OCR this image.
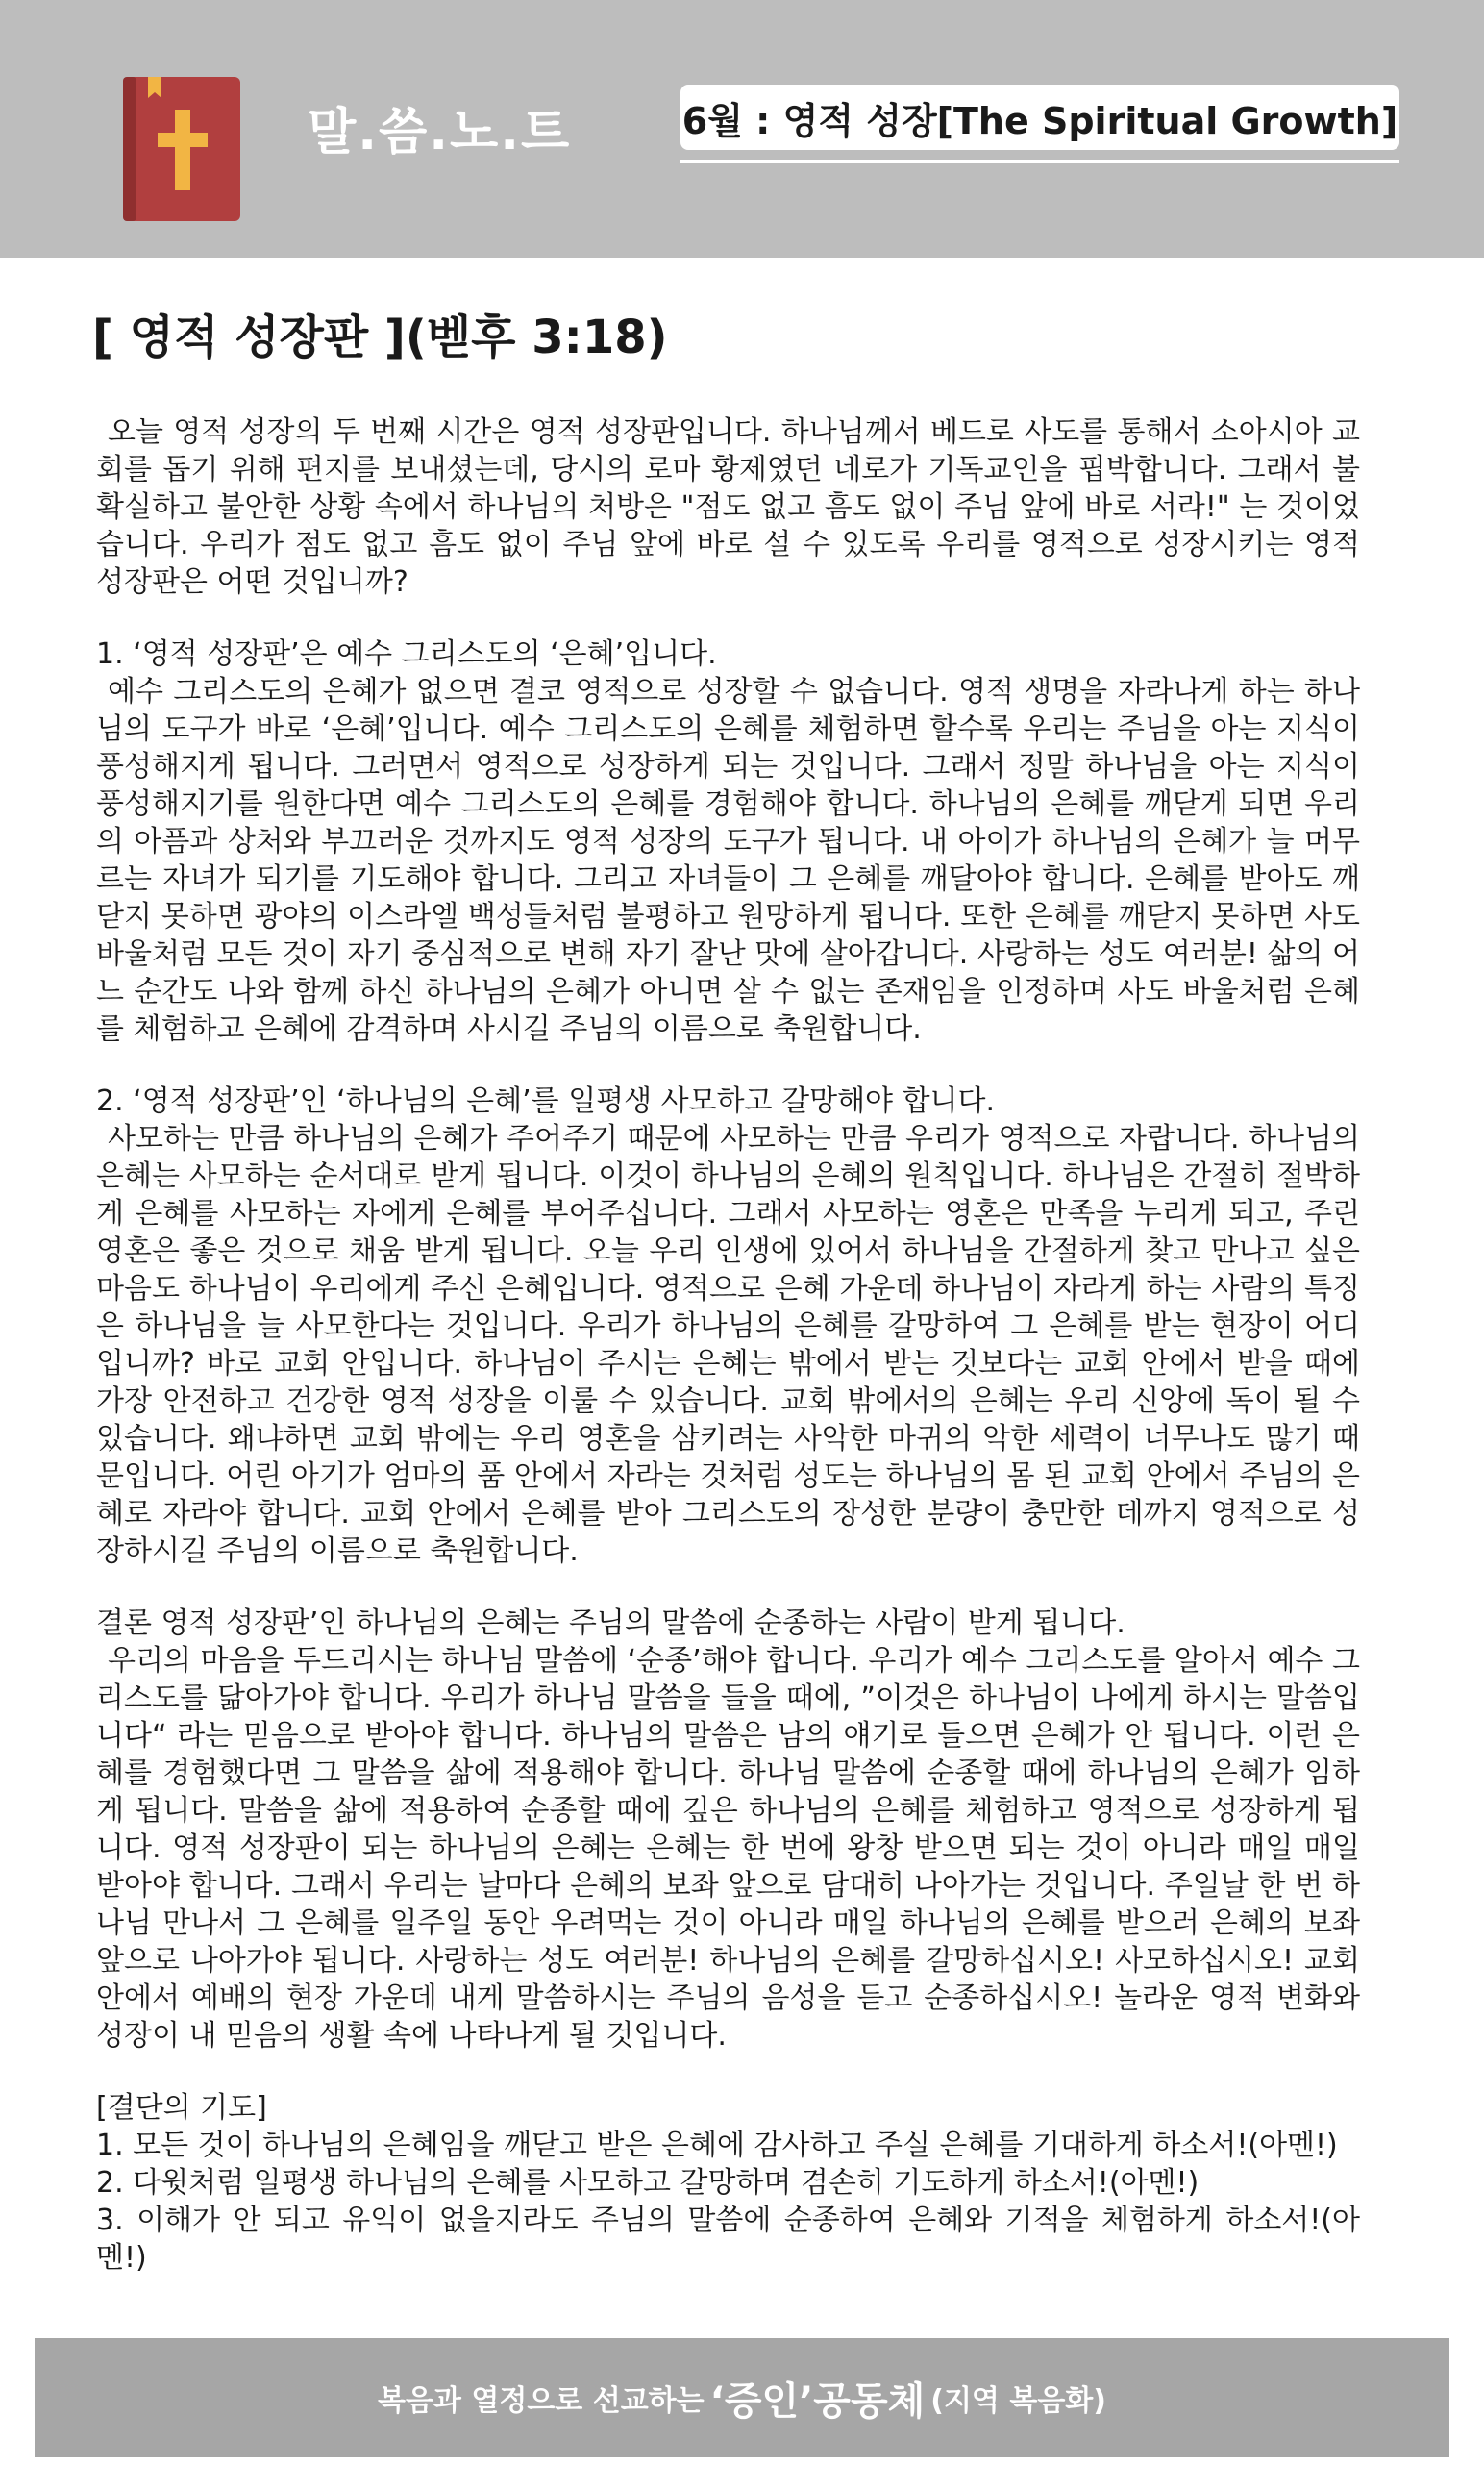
말.씀.노.트	6월 : 영적 성장[The Spiritual Growth]
[ 영적 성장판 ](벧후 3:18)

오늘 영적 성장의 두 번째 시간은 영적 성장판입니다. 하나님께서 베드로 사도를 통해서 소아시아 교회를 돕기 위해 편지를 보내셨는데, 당시의 로마 황제였던 네로가 기독교인을 핍박합니다. 그래서 불확실하고 불안한 상황 속에서 하나님의 처방은 "점도 없고 흠도 없이 주님 앞에 바로 서라!" 는 것이었습니다. 우리가 점도 없고 흠도 없이 주님 앞에 바로 설 수 있도록 우리를 영적으로 성장시키는 영적 성장판은 어떤 것입니까?

1. ‘영적 성장판’은 예수 그리스도의 ‘은혜’입니다.

예수 그리스도의 은혜가 없으면 결코 영적으로 성장할 수 없습니다. 영적 생명을 자라나게 하는 하나님의 도구가 바로 ‘은혜’입니다. 예수 그리스도의 은혜를 체험하면 할수록 우리는 주님을 아는 지식이 풍성해지게 됩니다. 그러면서 영적으로 성장하게 되는 것입니다. 그래서 정말 하나님을 아는 지식이 풍성해지기를 원한다면 예수 그리스도의 은혜를 경험해야 합니다. 하나님의 은혜를 깨닫게 되면 우리의 아픔과 상처와 부끄러운 것까지도 영적 성장의 도구가 됩니다. 내 아이가 하나님의 은혜가 늘 머무르는 자녀가 되기를 기도해야 합니다. 그리고 자녀들이 그 은혜를 깨달아야 합니다. 은혜를 받아도 깨닫지 못하면 광야의 이스라엘 백성들처럼 불평하고 원망하게 됩니다. 또한 은혜를 깨닫지 못하면 사도 바울처럼 모든 것이 자기 중심적으로 변해 자기 잘난 맛에 살아갑니다. 사랑하는 성도 여러분! 삶의 어느 순간도 나와 함께 하신 하나님의 은혜가 아니면 살 수 없는 존재임을 인정하며 사도 바울처럼 은혜를 체험하고 은혜에 감격하며 사시길 주님의 이름으로 축원합니다.

2. ‘영적 성장판’인 ‘하나님의 은혜’를 일평생 사모하고 갈망해야 합니다.

사모하는 만큼 하나님의 은혜가 주어주기 때문에 사모하는 만큼 우리가 영적으로 자랍니다. 하나님의 은혜는 사모하는 순서대로 받게 됩니다. 이것이 하나님의 은혜의 원칙입니다. 하나님은 간절히 절박하게 은혜를 사모하는 자에게 은혜를 부어주십니다. 그래서 사모하는 영혼은 만족을 누리게 되고, 주린 영혼은 좋은 것으로 채움 받게 됩니다. 오늘 우리 인생에 있어서 하나님을 간절하게 찾고 만나고 싶은 마음도 하나님이 우리에게 주신 은혜입니다. 영적으로 은혜 가운데 하나님이 자라게 하는 사람의 특징은 하나님을 늘 사모한다는 것입니다. 우리가 하나님의 은혜를 갈망하여 그 은혜를 받는 현장이 어디입니까? 바로 교회 안입니다. 하나님이 주시는 은혜는 밖에서 받는 것보다는 교회 안에서 받을 때에 가장 안전하고 건강한 영적 성장을 이룰 수 있습니다. 교회 밖에서의 은혜는 우리 신앙에 독이 될 수 있습니다. 왜냐하면 교회 밖에는 우리 영혼을 삼키려는 사악한 마귀의 악한 세력이 너무나도 많기 때문입니다. 어린 아기가 엄마의 품 안에서 자라는 것처럼 성도는 하나님의 몸 된 교회 안에서 주님의 은혜로 자라야 합니다. 교회 안에서 은혜를 받아 그리스도의 장성한 분량이 충만한 데까지 영적으로 성장하시길 주님의 이름으로 축원합니다.

결론 영적 성장판’인 하나님의 은혜는 주님의 말씀에 순종하는 사람이 받게 됩니다.

우리의 마음을 두드리시는 하나님 말씀에 ‘순종’해야 합니다. 우리가 예수 그리스도를 알아서 예수 그리스도를 닮아가야 합니다. 우리가 하나님 말씀을 들을 때에, ”이것은 하나님이 나에게 하시는 말씀입니다“ 라는 믿음으로 받아야 합니다. 하나님의 말씀은 남의 얘기로 들으면 은혜가 안 됩니다. 이런 은혜를 경험했다면 그 말씀을 삶에 적용해야 합니다. 하나님 말씀에 순종할 때에 하나님의 은혜가 임하게 됩니다. 말씀을 삶에 적용하여 순종할 때에 깊은 하나님의 은혜를 체험하고 영적으로 성장하게 됩니다. 영적 성장판이 되는 하나님의 은혜는 은혜는 한 번에 왕창 받으면 되는 것이 아니라 매일 매일 받아야 합니다. 그래서 우리는 날마다 은혜의 보좌 앞으로 담대히 나아가는 것입니다. 주일날 한 번 하나님 만나서 그 은혜를 일주일 동안 우려먹는 것이 아니라 매일 하나님의 은혜를 받으러 은혜의 보좌 앞으로 나아가야 됩니다. 사랑하는 성도 여러분! 하나님의 은혜를 갈망하십시오! 사모하십시오! 교회 안에서 예배의 현장 가운데 내게 말씀하시는 주님의 음성을 듣고 순종하십시오! 놀라운 영적 변화와 성장이 내 믿음의 생활 속에 나타나게 될 것입니다.

[결단의 기도]

1. 모든 것이 하나님의 은혜임을 깨닫고 받은 은혜에 감사하고 주실 은혜를 기대하게 하소서!(아멘!)

2. 다윗처럼 일평생 하나님의 은혜를 사모하고 갈망하며 겸손히 기도하게 하소서!(아멘!)

3. 이해가 안 되고 유익이 없을지라도 주님의 말씀에 순종하여 은혜와 기적을 체험하게 하소서!(아멘!)

복음과 열정으로 선교하는 ‘증인’공동체 (지역 복음화)
